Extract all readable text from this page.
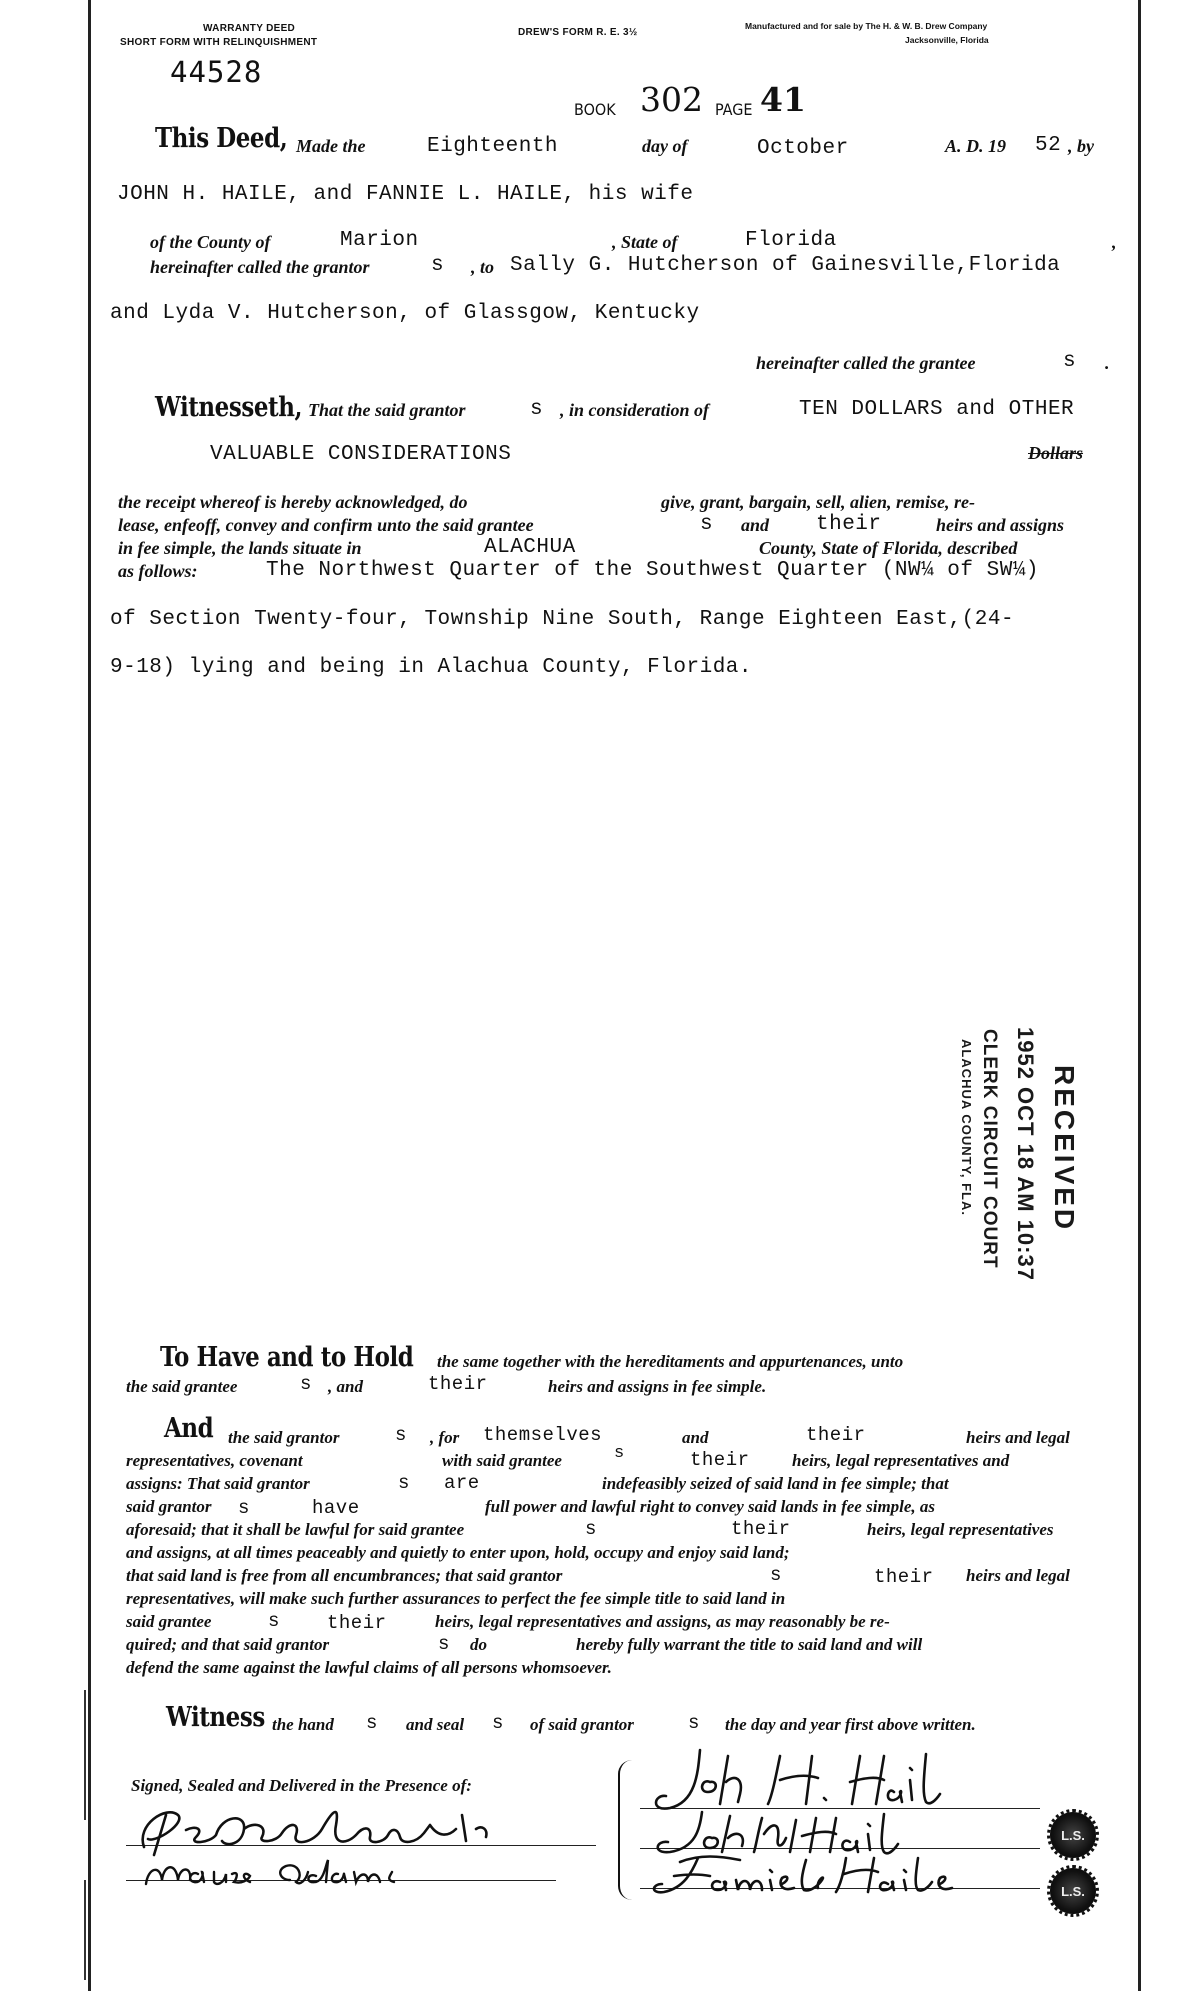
WARRANTY DEED
SHORT FORM WITH RELINQUISHMENT
DREW'S FORM R. E. 3½
Manufactured and for sale by The H. & W. B. Drew Company
Jacksonville, Florida
44528
BOOK 302 PAGE 41
This Deed, Made the	Eighteenth	day of	October	A. D. 19 52 , by
JOHN H. HAILE, and FANNIE L. HAILE, his wife
of the County of	Marion	, State of	Florida	,
hereinafter called the grantor	s , to Sally G. Hutcherson of Gainesville,Florida
and Lyda V. Hutcherson, of Glassgow, Kentucky
hereinafter called the grantee	s .
Witnesseth, That the said grantor	s , in consideration of	TEN DOLLARS and OTHER
VALUABLE CONSIDERATIONS	Dollars
the receipt whereof is hereby acknowledged, do	give, grant, bargain, sell, alien, remise, re-
lease, enfeoff, convey and confirm unto the said grantee	s and their	heirs and assigns
in fee simple, the lands situate in	ALACHUA	County, State of Florida, described
as follows:	The Northwest Quarter of the Southwest Quarter (NW¼ of SW¼)
of Section Twenty-four, Township Nine South, Range Eighteen East,(24-
9-18) lying and being in Alachua County, Florida.
RECEIVED
1952 OCT 18 AM 10:37
CLERK CIRCUIT COURT
ALACHUA COUNTY, FLA.
To Have and to Hold	the same together with the hereditaments and appurtenances, unto
the said grantee	s , and	their	heirs and assigns in fee simple.
And the said grantor	s , for themselves	and	their	heirs and legal
representatives, covenant	with said grantee	s	their heirs, legal representatives and
assigns: That said grantor	s are	indefeasibly seized of said land in fee simple; that
said grantor s	have	full power and lawful right to convey said lands in fee simple, as
aforesaid; that it shall be lawful for said grantee	s	their	heirs, legal representatives
and assigns, at all times peaceably and quietly to enter upon, hold, occupy and enjoy said land;
that said land is free from all encumbrances; that said grantor	s	their heirs and legal
representatives, will make such further assurances to perfect the fee simple title to said land in
said grantee	s their	heirs, legal representatives and assigns, as may reasonably be re-
quired; and that said grantor	s do	hereby fully warrant the title to said land and will
defend the same against the lawful claims of all persons whomsoever.
Witness the hand s and seal s of said grantor	s the day and year first above written.
Signed, Sealed and Delivered in the Presence of:
L.S.
L.S.
